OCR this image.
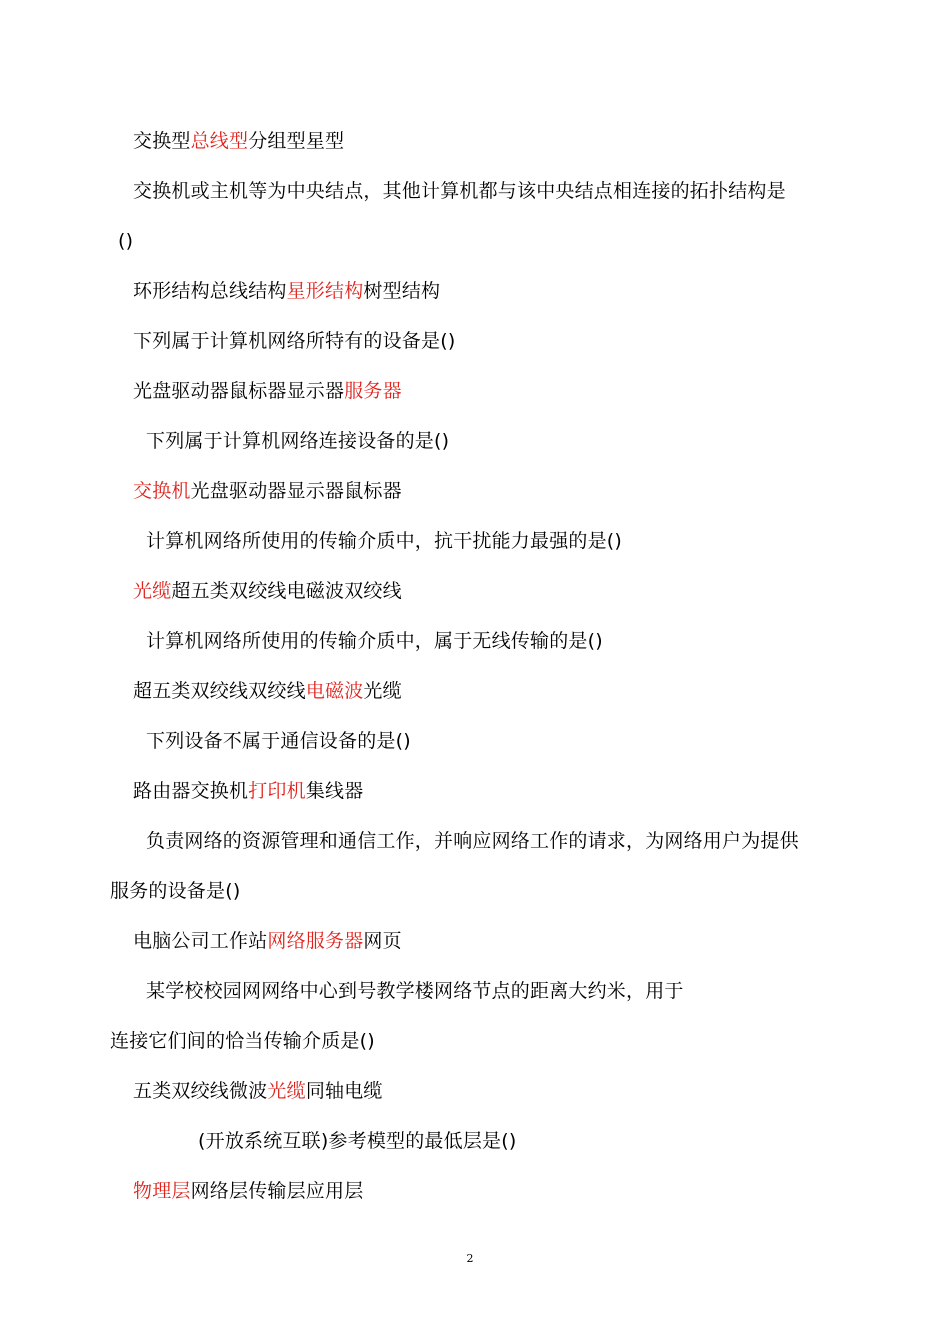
交换型总线型分组型星型
交换机或主机等为中央结点，其他计算机都与该中央结点相连接的拓扑结构是
()
环形结构总线结构星形结构树型结构
下列属于计算机网络所特有的设备是()
光盘驱动器鼠标器显示器服务器
下列属于计算机网络连接设备的是()
交换机光盘驱动器显示器鼠标器
计算机网络所使用的传输介质中，抗干扰能力最强的是()
光缆超五类双绞线电磁波双绞线
计算机网络所使用的传输介质中，属于无线传输的是()
超五类双绞线双绞线电磁波光缆
下列设备不属于通信设备的是()
路由器交换机打印机集线器
负责网络的资源管理和通信工作，并响应网络工作的请求，为网络用户为提供
服务的设备是()
电脑公司工作站网络服务器网页
某学校校园网网络中心到号教学楼网络节点的距离大约米，用于
连接它们间的恰当传输介质是()
五类双绞线微波光缆同轴电缆
(开放系统互联)参考模型的最低层是()
物理层网络层传输层应用层
2
